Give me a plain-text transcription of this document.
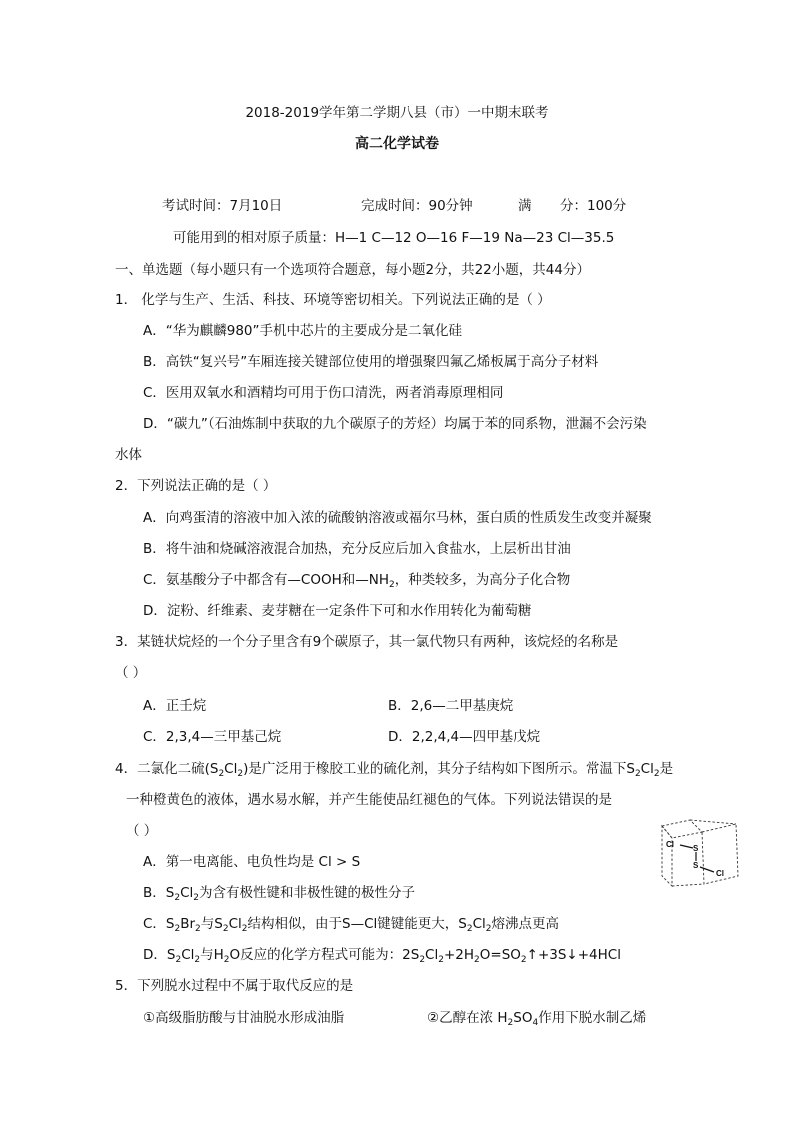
2018-2019学年第二学期八县（市）一中期末联考
高二化学试卷
考试时间：7月10日	完成时间：90分钟	满 分：100分
可能用到的相对原子质量：H—1 C—12 O—16 F—19 Na—23 Cl—35.5
一、单选题（每小题只有一个选项符合题意，每小题2分，共22小题，共44分）
1． 化学与生产、生活、科技、环境等密切相关。下列说法正确的是（ ）
A．“华为麒麟980”手机中芯片的主要成分是二氧化硅
B．高铁“复兴号”车厢连接关键部位使用的增强聚四氟乙烯板属于高分子材料
C．医用双氧水和酒精均可用于伤口清洗，两者消毒原理相同
D．“碳九”（石油炼制中获取的九个碳原子的芳烃）均属于苯的同系物，泄漏不会污染
水体
2．下列说法正确的是（ ）
A．向鸡蛋清的溶液中加入浓的硫酸钠溶液或福尔马林，蛋白质的性质发生改变并凝聚
B．将牛油和烧碱溶液混合加热，充分反应后加入食盐水，上层析出甘油
C．氨基酸分子中都含有—COOH和$—NH_2$，种类较多，为高分子化合物
D．淀粉、纤维素、麦芽糖在一定条件下可和水作用转化为葡萄糖
3．某链状烷烃的一个分子里含有9个碳原子，其一氯代物只有两种，该烷烃的名称是
（ ）
A．正壬烷	B．2,6—二甲基庚烷
C．2,3,4—三甲基己烷	D．2,2,4,4—四甲基戊烷
4．二氯化二硫$(S_2Cl_2)$是广泛用于橡胶工业的硫化剂，其分子结构如下图所示。常温下$S_2Cl_2$是
一种橙黄色的液体，遇水易水解，并产生能使品红褪色的气体。下列说法错误的是
（ ）
A．第一电离能、电负性均是 Cl > S
B．$S_2Cl_2$为含有极性键和非极性键的极性分子
C．$S_2Br_2$与$S_2Cl_2$结构相似，由于S—Cl键键能更大，$S_2Cl_2$熔沸点更高
D．$S_2Cl_2$与$H_2O$反应的化学方程式可能为：$2S_2Cl_2+2H_2O=SO_2↑+3S↓+4HCl$
Cl S
S
Cl
5．下列脱水过程中不属于取代反应的是
①高级脂肪酸与甘油脱水形成油脂	②乙醇在浓 $H_2SO_4$作用下脱水制乙烯
